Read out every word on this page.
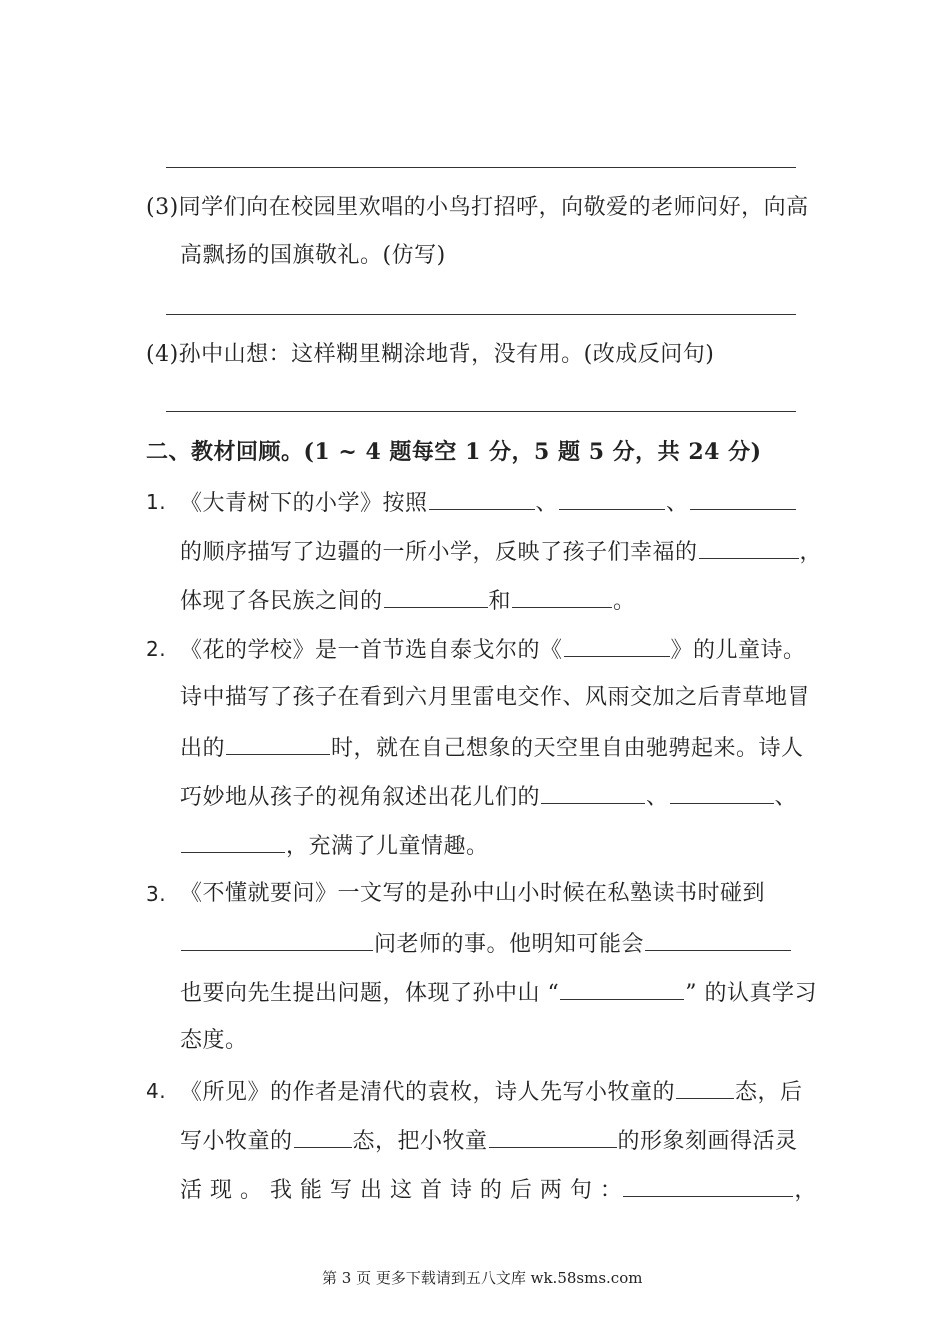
(3)同学们向在校园里欢唱的小鸟打招呼，向敬爱的老师问好，向高
高飘扬的国旗敬礼。(仿写)
(4)孙中山想：这样糊里糊涂地背，没有用。(改成反问句)
二、教材回顾。(1 ~ 4 题每空 1 分，5 题 5 分，共 24 分)
1. 《大青树下的小学》按照	、	、
的顺序描写了边疆的一所小学，反映了孩子们幸福的	，
体现了各民族之间的	和	。
2. 《花的学校》是一首节选自泰戈尔的《	》的儿童诗。
诗中描写了孩子在看到六月里雷电交作、风雨交加之后青草地冒
出的	时，就在自己想象的天空里自由驰骋起来。诗人
巧妙地从孩子的视角叙述出花儿们的	、	、
，充满了儿童情趣。
3. 《不懂就要问》一文写的是孙中山小时候在私塾读书时碰到
问老师的事。他明知可能会
也要向先生提出问题，体现了孙中山 “	” 的认真学习
态度。
4. 《所见》的作者是清代的袁枚，诗人先写小牧童的	态，后
写小牧童的	态，把小牧童	的形象刻画得活灵
活 现 。 我 能 写 出 这 首 诗 的 后 两 句 ：	，
第 3 页 更多下载请到五八文库 wk.58sms.com
